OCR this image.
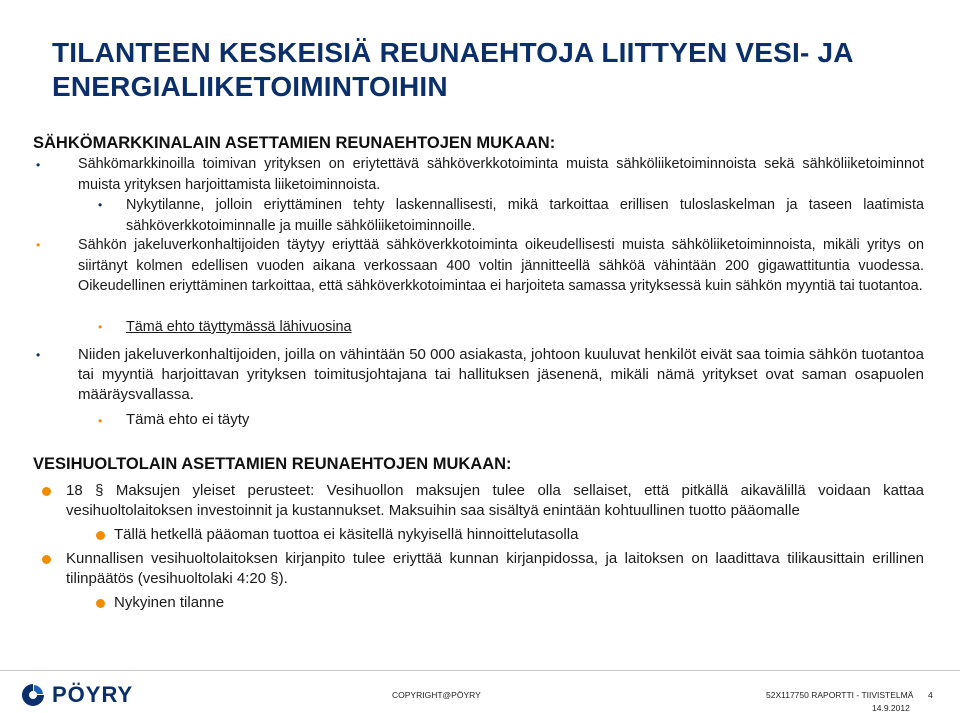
TILANTEEN KESKEISIÄ REUNAEHTOJA LIITTYEN VESI- JA ENERGIALIIKETOIMINTOIHIN
SÄHKÖMARKKINALAIN ASETTAMIEN REUNAEHTOJEN MUKAAN:
•	Sähkömarkkinoilla toimivan yrityksen on eriytettävä sähköverkkotoiminta muista sähköliiketoiminnoista sekä sähköliiketoiminnot muista yrityksen harjoittamista liiketoiminnoista.
• Nykytilanne, jolloin eriyttäminen tehty laskennallisesti, mikä tarkoittaa erillisen tuloslaskelman ja taseen laatimista sähköverkkotoiminnalle ja muille sähköliiketoiminnoille.
•	Sähkön jakeluverkonhaltijoiden täytyy eriyttää sähköverkkotoiminta oikeudellisesti muista sähköliiketoiminnoista, mikäli yritys on siirtänyt kolmen edellisen vuoden aikana verkossaan 400 voltin jännitteellä sähköä vähintään 200 gigawattituntia vuodessa. Oikeudellinen eriyttäminen tarkoittaa, että sähköverkkotoimintaa ei harjoiteta samassa yrityksessä kuin sähkön myyntiä tai tuotantoa.
• Tämä ehto täyttymässä lähivuosina
•	Niiden jakeluverkonhaltijoiden, joilla on vähintään 50 000 asiakasta, johtoon kuuluvat henkilöt eivät saa toimia sähkön tuotantoa tai myyntiä harjoittavan yrityksen toimitusjohtajana tai hallituksen jäsenenä, mikäli nämä yritykset ovat saman osapuolen määräysvallassa.
• Tämä ehto ei täyty
VESIHUOLTOLAIN ASETTAMIEN REUNAEHTOJEN MUKAAN:
18 § Maksujen yleiset perusteet: Vesihuollon maksujen tulee olla sellaiset, että pitkällä aikavälillä voidaan kattaa vesihuoltolaitoksen investoinnit ja kustannukset. Maksuihin saa sisältyä enintään kohtuullinen tuotto pääomalle
Tällä hetkellä pääoman tuottoa ei käsitellä nykyisellä hinnoittelutasolla
Kunnallisen vesihuoltolaitoksen kirjanpito tulee eriyttää kunnan kirjanpidossa, ja laitoksen on laadittava tilikausittain erillinen tilinpäätös (vesihuoltolaki 4:20 §).
Nykyinen tilanne
PÖYRY	COPYRIGHT@PÖYRY	52X117750 RAPORTTI - TIIVISTELMÄ 4
14.9.2012
